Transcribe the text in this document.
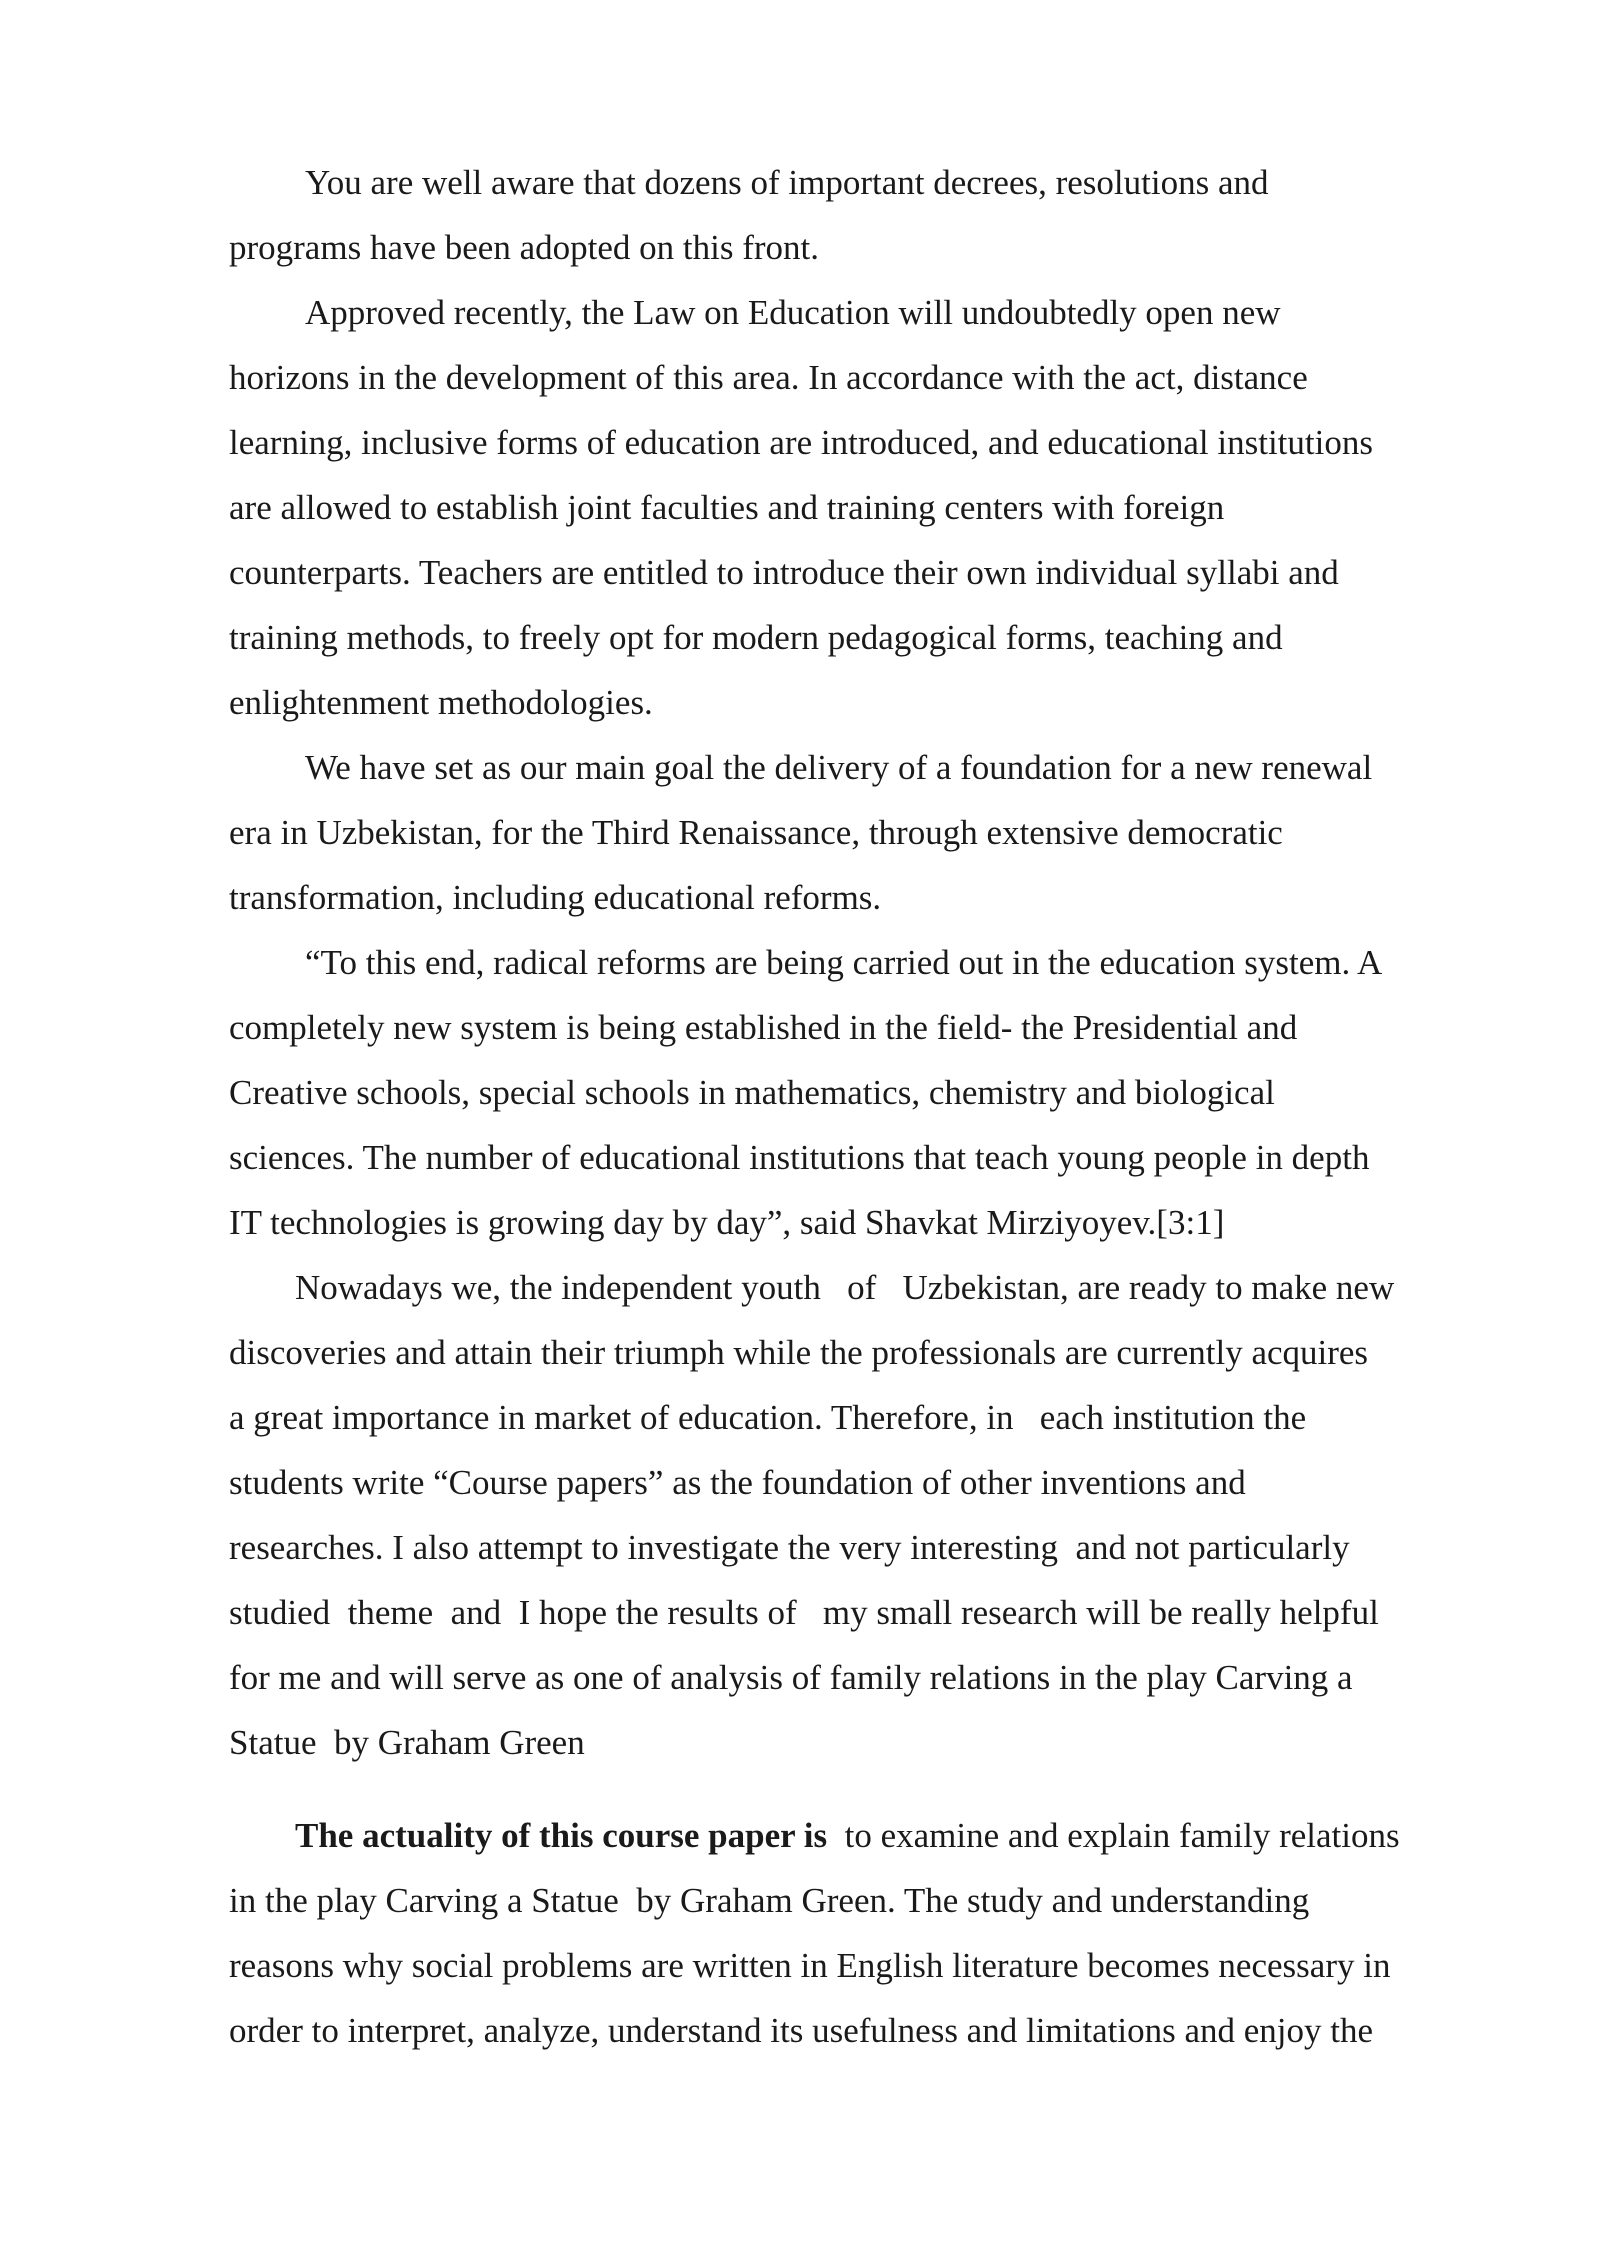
You are well aware that dozens of important decrees, resolutions and
programs have been adopted on this front.
Approved recently, the Law on Education will undoubtedly open new
horizons in the development of this area. In accordance with the act, distance
learning, inclusive forms of education are introduced, and educational institutions
are allowed to establish joint faculties and training centers with foreign
counterparts. Teachers are entitled to introduce their own individual syllabi and
training methods, to freely opt for modern pedagogical forms, teaching and
enlightenment methodologies.
We have set as our main goal the delivery of a foundation for a new renewal
era in Uzbekistan, for the Third Renaissance, through extensive democratic
transformation, including educational reforms.
“To this end, radical reforms are being carried out in the education system. A
completely new system is being established in the field- the Presidential and
Creative schools, special schools in mathematics, chemistry and biological
sciences. The number of educational institutions that teach young people in depth
IT technologies is growing day by day”, said Shavkat Mirziyoyev.[3:1]
Nowadays we, the independent youth   of   Uzbekistan, are ready to make new
discoveries and attain their triumph while the professionals are currently acquires
a great importance in market of education. Therefore, in   each institution the
students write “Course papers” as the foundation of other inventions and
researches. I also attempt to investigate the very interesting  and not particularly
studied  theme  and  I hope the results of   my small research will be really helpful
for me and will serve as one of analysis of family relations in the play Carving a
Statue  by Graham Green
The actuality of this course paper is  to examine and explain family relations
in the play Carving a Statue  by Graham Green. The study and understanding
reasons why social problems are written in English literature becomes necessary in
order to interpret, analyze, understand its usefulness and limitations and enjoy the
